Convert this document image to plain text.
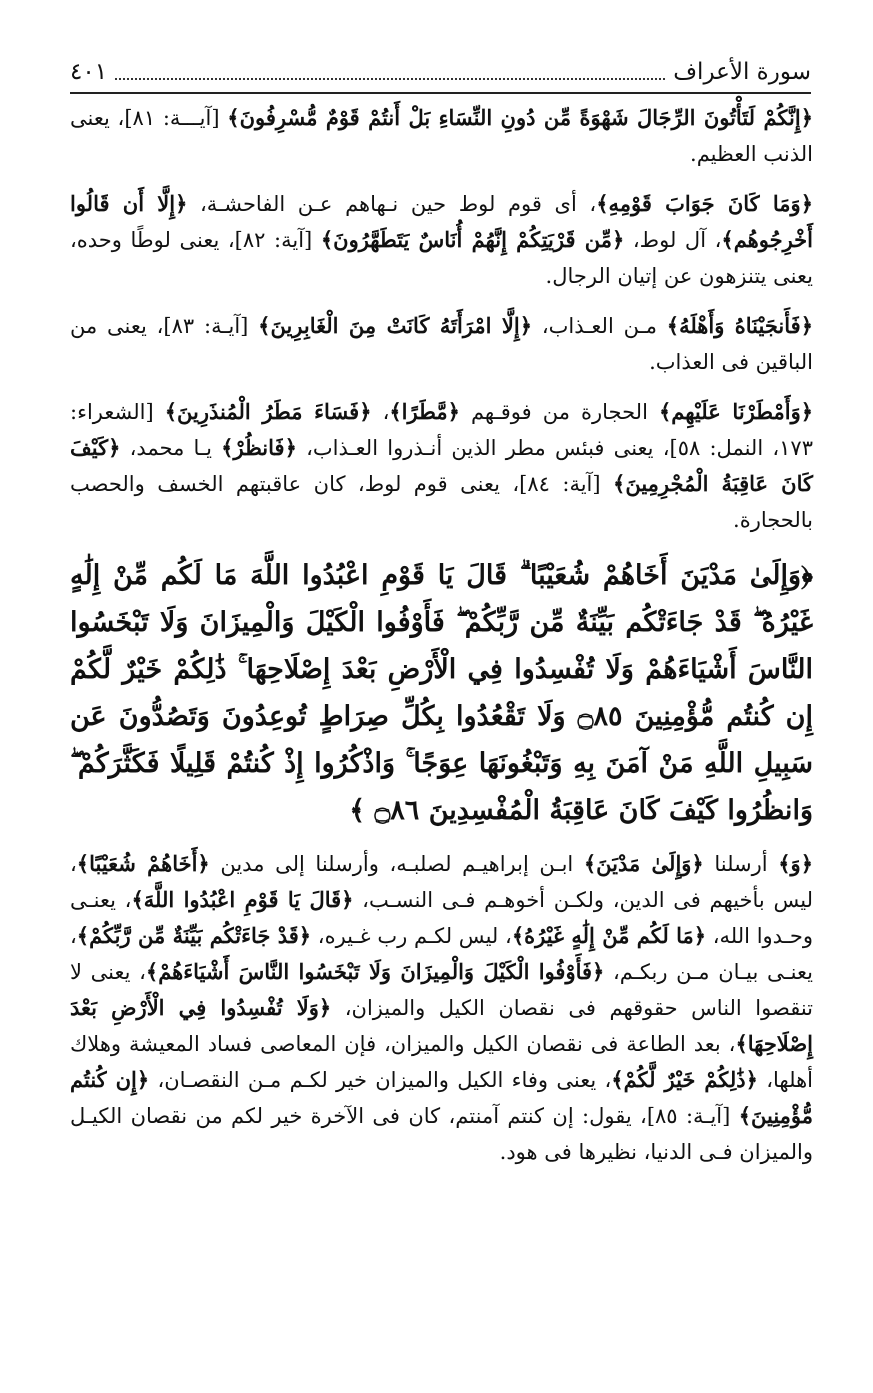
سورة الأعراف
٤٠١

﴿إِنَّكُمْ لَتَأْتُونَ الرِّجَالَ شَهْوَةً مِّن دُونِ النِّسَاءِ بَلْ أَنتُمْ قَوْمٌ مُّسْرِفُونَ﴾ [آيـــة: ٨١]، يعنى الذنب العظيم.

﴿وَمَا كَانَ جَوَابَ قَوْمِهِ﴾، أى قوم لوط حين نـهاهم عـن الفاحشـة، ﴿إِلَّا أَن قَالُوا أَخْرِجُوهُم﴾، آل لوط، ﴿مِّن قَرْيَتِكُمْ إِنَّهُمْ أُنَاسٌ يَتَطَهَّرُونَ﴾ [آية: ٨٢]، يعنى لوطًا وحده، يعنى يتنزهون عن إتيان الرجال.

﴿فَأَنجَيْنَاهُ وَأَهْلَهُ﴾ مـن العـذاب، ﴿إِلَّا امْرَأَتَهُ كَانَتْ مِنَ الْغَابِرِينَ﴾ [آيـة: ٨٣]، يعنى من الباقين فى العذاب.

﴿وَأَمْطَرْنَا عَلَيْهِم﴾ الحجارة من فوقـهم ﴿مَّطَرًا﴾، ﴿فَسَاءَ مَطَرُ الْمُنذَرِينَ﴾ [الشعراء: ١٧٣، النمل: ٥٨]، يعنى فبئس مطر الذين أنـذروا العـذاب، ﴿فَانظُرْ﴾ يـا محمد، ﴿كَيْفَ كَانَ عَاقِبَةُ الْمُجْرِمِينَ﴾ [آية: ٨٤]، يعنى قوم لوط، كان عاقبتهم الخسف والحصب بالحجارة.

﴿وَإِلَىٰ مَدْيَنَ أَخَاهُمْ شُعَيْبًا ۗ قَالَ يَا قَوْمِ اعْبُدُوا اللَّهَ مَا لَكُم مِّنْ إِلَٰهٍ غَيْرُهُ ۖ قَدْ جَاءَتْكُم بَيِّنَةٌ مِّن رَّبِّكُمْ ۖ فَأَوْفُوا الْكَيْلَ وَالْمِيزَانَ وَلَا تَبْخَسُوا النَّاسَ أَشْيَاءَهُمْ وَلَا تُفْسِدُوا فِي الْأَرْضِ بَعْدَ إِصْلَاحِهَا ۚ ذَٰلِكُمْ خَيْرٌ لَّكُمْ إِن كُنتُم مُّؤْمِنِينَ ۝٨٥ وَلَا تَقْعُدُوا بِكُلِّ صِرَاطٍ تُوعِدُونَ وَتَصُدُّونَ عَن سَبِيلِ اللَّهِ مَنْ آمَنَ بِهِ وَتَبْغُونَهَا عِوَجًا ۚ وَاذْكُرُوا إِذْ كُنتُمْ قَلِيلًا فَكَثَّرَكُمْ ۖ وَانظُرُوا كَيْفَ كَانَ عَاقِبَةُ الْمُفْسِدِينَ ۝٨٦ ﴾

﴿وَ﴾ أرسلنا ﴿وَإِلَىٰ مَدْيَنَ﴾ ابـن إبراهيـم لصلبـه، وأرسلنا إلى مدين ﴿أَخَاهُمْ شُعَيْبًا﴾، ليس بأخيهم فى الدين، ولكـن أخوهـم فـى النسـب، ﴿قَالَ يَا قَوْمِ اعْبُدُوا اللَّهَ﴾، يعنـى وحـدوا الله، ﴿مَا لَكُم مِّنْ إِلَٰهٍ غَيْرُهُ﴾، ليس لكـم رب غـيره، ﴿قَدْ جَاءَتْكُم بَيِّنَةٌ مِّن رَّبِّكُمْ﴾، يعنـى بيـان مـن ربكـم، ﴿فَأَوْفُوا الْكَيْلَ وَالْمِيزَانَ وَلَا تَبْخَسُوا النَّاسَ أَشْيَاءَهُمْ﴾، يعنى لا تنقصوا الناس حقوقهم فى نقصان الكيل والميزان، ﴿وَلَا تُفْسِدُوا فِي الْأَرْضِ بَعْدَ إِصْلَاحِهَا﴾، بعد الطاعة فى نقصان الكيل والميزان، فإن المعاصى فساد المعيشة وهلاك أهلها، ﴿ذَٰلِكُمْ خَيْرٌ لَّكُمْ﴾، يعنى وفاء الكيل والميزان خير لكـم مـن النقصـان، ﴿إِن كُنتُم مُّؤْمِنِينَ﴾ [آيـة: ٨٥]، يقول: إن كنتم آمنتم، كان فى الآخرة خير لكم من نقصان الكيـل والميزان فـى الدنيا، نظيرها فى هود.
